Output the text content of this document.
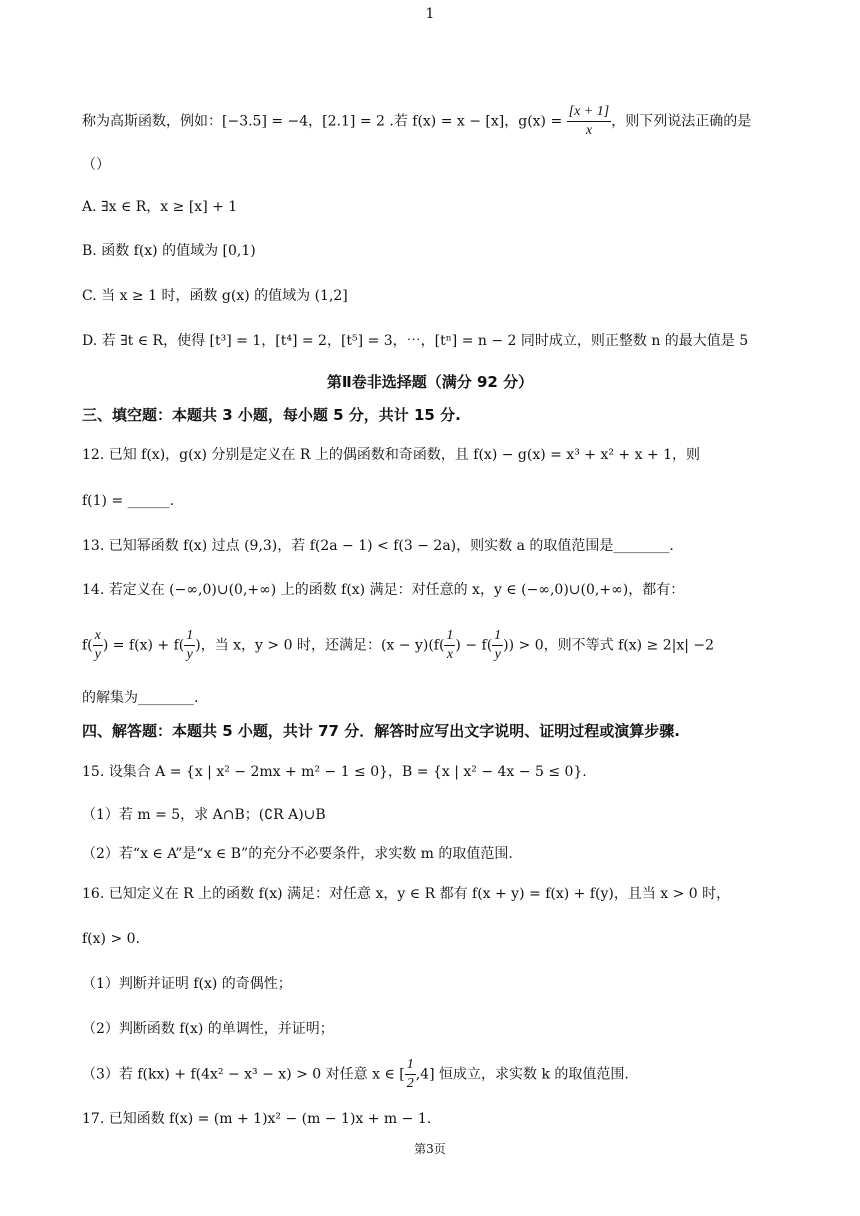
1
称为高斯函数，例如：[−3.5] = −4，[2.1] = 2 .若 f(x) = x − [x]，$g(x) = \frac{[x + 1]}{x}$ ，则下列说法正确的是
（）
A. ∃x ∈ R，x ≥ [x] + 1
B. 函数 f(x) 的值域为 [0,1)
C. 当 x ≥ 1 时，函数 g(x) 的值域为 (1,2]
D. 若 ∃t ∈ R，使得 [t³] = 1，[t⁴] = 2，[t⁵] = 3，⋯，[tⁿ] = n − 2 同时成立，则正整数 n 的最大值是 5
第Ⅱ卷非选择题（满分 92 分）
三、填空题：本题共 3 小题，每小题 5 分，共计 15 分.
12. 已知 f(x)，g(x) 分别是定义在 R 上的偶函数和奇函数，且 f(x) − g(x) = x³ + x² + x + 1，则
f(1) = ______.
13. 已知幂函数 f(x) 过点 (9,3)，若 f(2a − 1) < f(3 − 2a)，则实数 a 的取值范围是________.
14. 若定义在 (−∞,0)∪(0,+∞) 上的函数 f(x) 满足：对任意的 x，y ∈ (−∞,0)∪(0,+∞)，都有：
$f( \frac{x}{y}$ ) = $f(x) + f( \frac{1}{y}$ )，当 x，y > 0 时，还满足：$(x - y)(f( \frac{1}{x}$ ) − $f( \frac{1}{y}$ )) > 0，则不等式 f(x) ≥ 2|x| −2
的解集为________.
四、解答题：本题共 5 小题，共计 77 分．解答时应写出文字说明、证明过程或演算步骤.
15. 设集合 A = {x | x² − 2mx + m² − 1 ≤ 0}，B = {x | x² − 4x − 5 ≤ 0}.
（1）若 m = 5，求 A∩B；(∁R A)∪B
（2）若“x ∈ A”是“x ∈ B”的充分不必要条件，求实数 m 的取值范围.
16. 已知定义在 R 上的函数 f(x) 满足：对任意 x，y ∈ R 都有 f(x + y) = f(x) + f(y)，且当 x > 0 时，
f(x) > 0.
（1）判断并证明 f(x) 的奇偶性；
（2）判断函数 f(x) 的单调性，并证明；
（3）若 f(kx) + f(4x² − x³ − x) > 0 对任意 x ∈ [ $\frac{1}{2} ,4$] 恒成立，求实数 k 的取值范围.
17. 已知函数 f(x) = (m + 1)x² − (m − 1)x + m − 1.
第3页
